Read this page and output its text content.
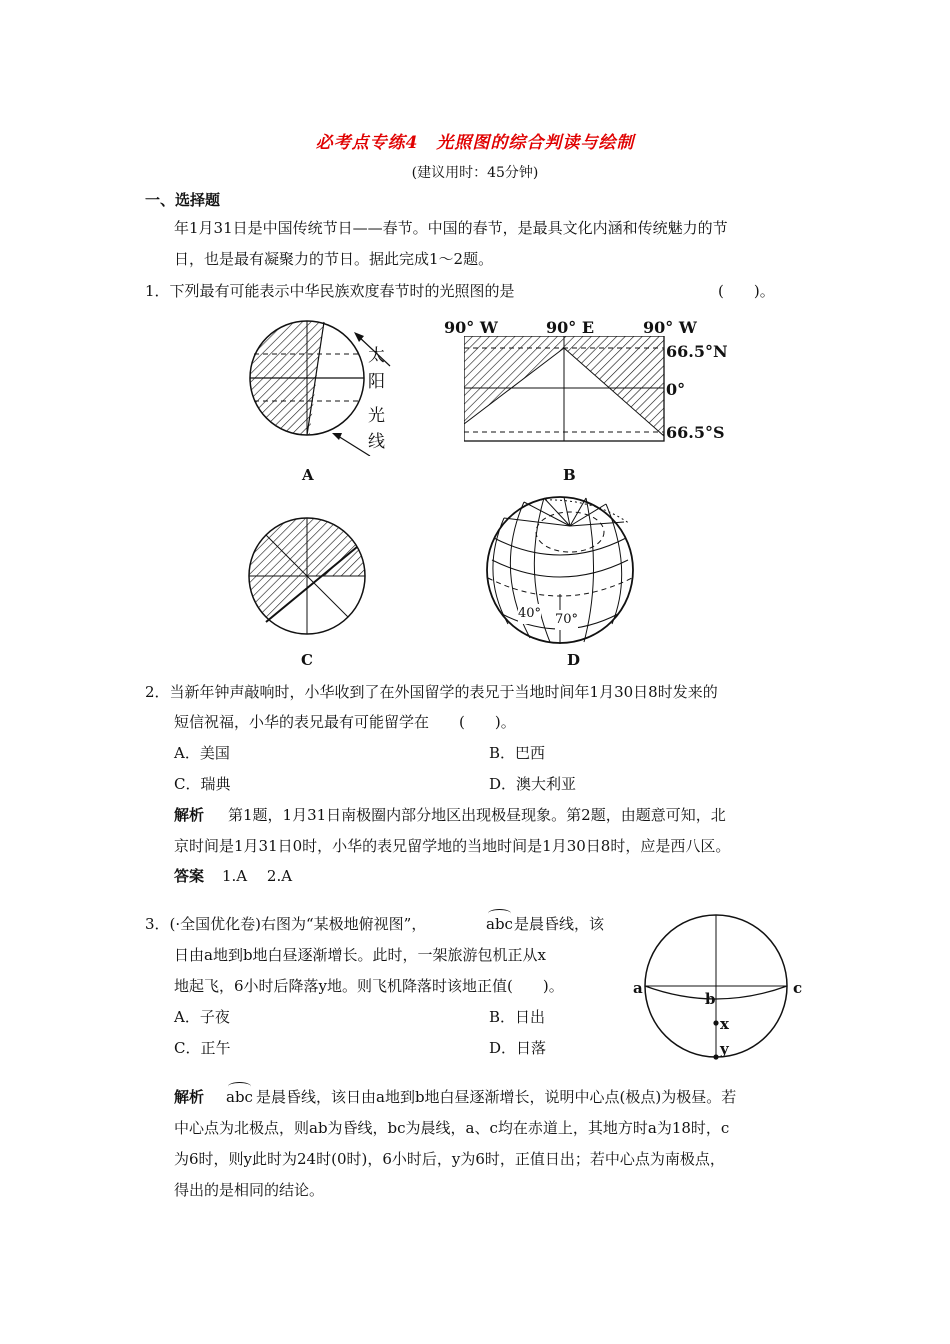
必考点专练4　光照图的综合判读与绘制
(建议用时：45分钟)
一、选择题
年1月31日是中国传统节日——春节。中国的春节，是最具文化内涵和传统魅力的节
日，也是最有凝聚力的节日。据此完成1～2题。
1．下列最有可能表示中华民族欢度春节时的光照图的是	(　　)。
太
阳
光
线
A
90° W	90° E	90° W
66.5°N
0°
66.5°S
B
C
40° 70°
D
2．当新年钟声敲响时，小华收到了在外国留学的表兄于当地时间年1月30日8时发来的
短信祝福，小华的表兄最有可能留学在　　(　　)。
A．美国	B．巴西
C．瑞典	D．澳大利亚
解析 第1题，1月31日南极圈内部分地区出现极昼现象。第2题，由题意可知，北
京时间是1月31日0时，小华的表兄留学地的当地时间是1月30日8时，应是西八区。
答案 1.A　 2.A
3．(·全国优化卷)右图为“某极地俯视图”，	abc 是晨昏线，该
日由a地到b地白昼逐渐增长。此时，一架旅游包机正从x
地起飞，6小时后降落y地。则飞机降落时该地正值(　　)。
A．子夜	B．日出
C．正午	D．日落
a
b
c
x
y
解析 abc 是晨昏线，该日由a地到b地白昼逐渐增长，说明中心点(极点)为极昼。若
中心点为北极点，则ab为昏线，bc为晨线，a、c均在赤道上，其地方时a为18时，c
为6时，则y此时为24时(0时)，6小时后，y为6时，正值日出；若中心点为南极点，
得出的是相同的结论。
